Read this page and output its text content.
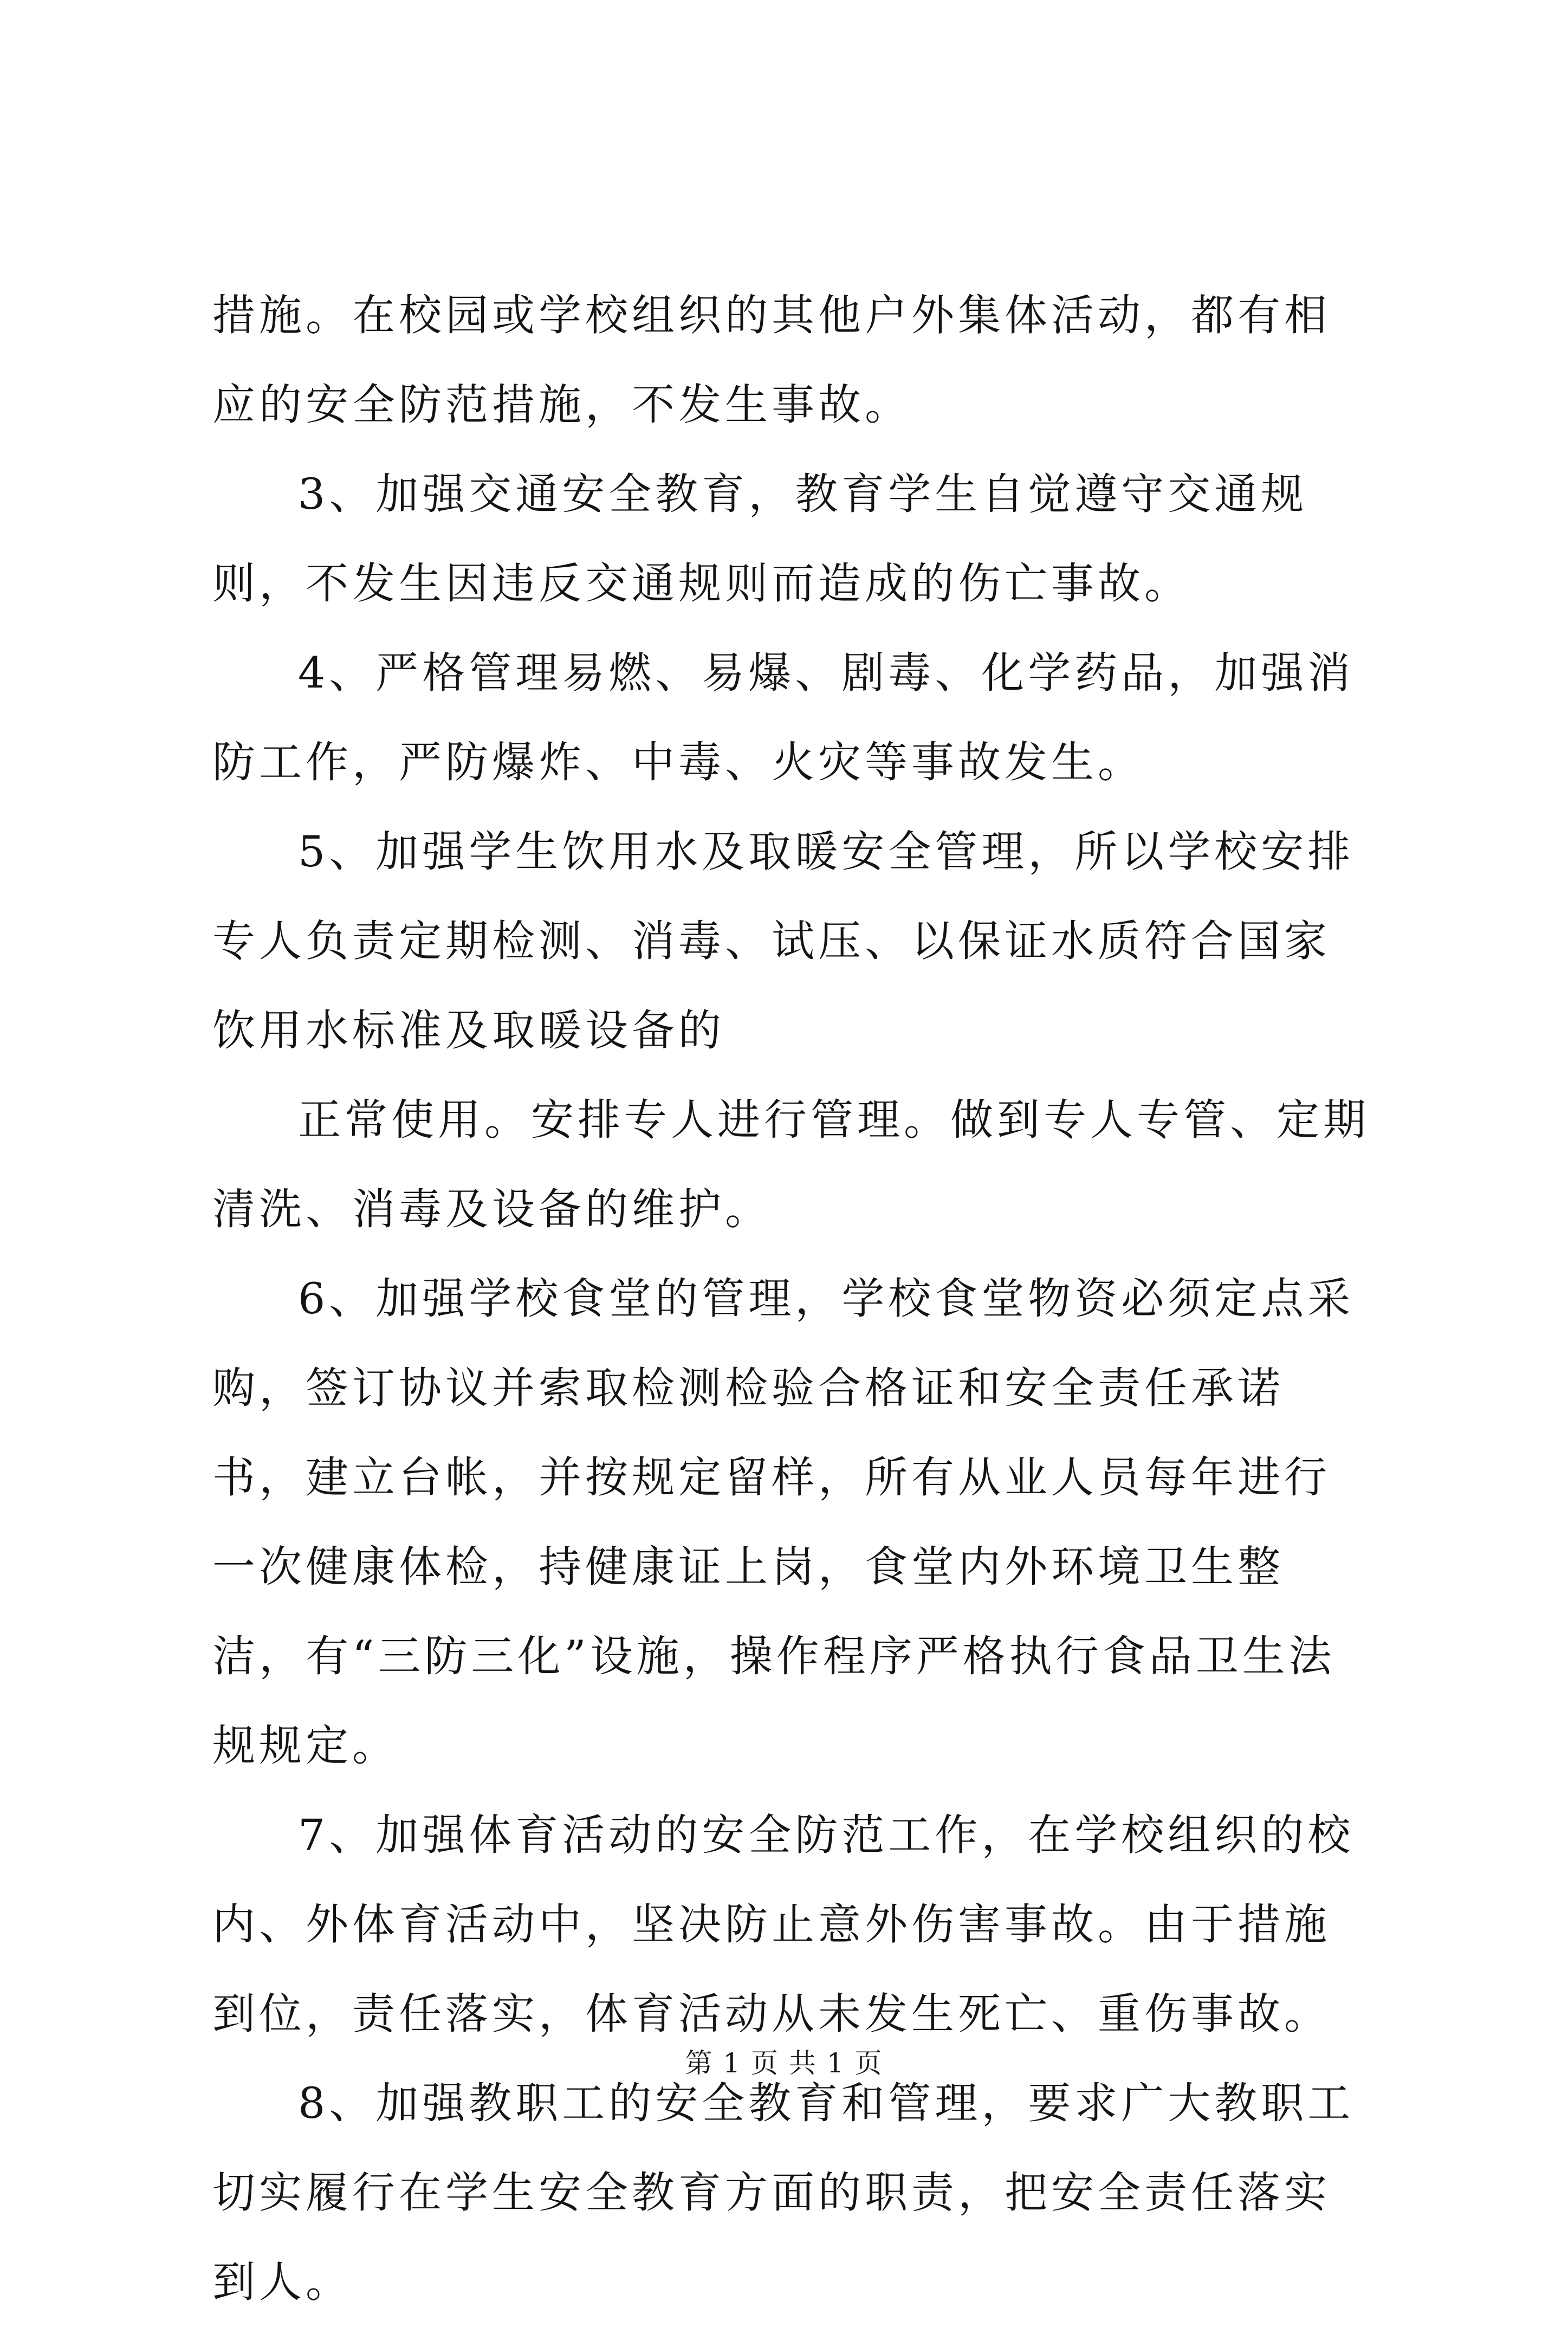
措施。在校园或学校组织的其他户外集体活动，都有相应的安全防范措施，不发生事故。

3、加强交通安全教育，教育学生自觉遵守交通规则，不发生因违反交通规则而造成的伤亡事故。

4、严格管理易燃、易爆、剧毒、化学药品，加强消防工作，严防爆炸、中毒、火灾等事故发生。

5、加强学生饮用水及取暖安全管理，所以学校安排专人负责定期检测、消毒、试压、以保证水质符合国家饮用水标准及取暖设备的

正常使用。安排专人进行管理。做到专人专管、定期清洗、消毒及设备的维护。

6、加强学校食堂的管理，学校食堂物资必须定点采购，签订协议并索取检测检验合格证和安全责任承诺书，建立台帐，并按规定留样，所有从业人员每年进行一次健康体检，持健康证上岗，食堂内外环境卫生整洁，有“三防三化”设施，操作程序严格执行食品卫生法规规定。

7、加强体育活动的安全防范工作，在学校组织的校内、外体育活动中，坚决防止意外伤害事故。由于措施到位，责任落实，体育活动从未发生死亡、重伤事故。

8、加强教职工的安全教育和管理，要求广大教职工切实履行在学生安全教育方面的职责，把安全责任落实到人。

第 1 页 共 1 页
